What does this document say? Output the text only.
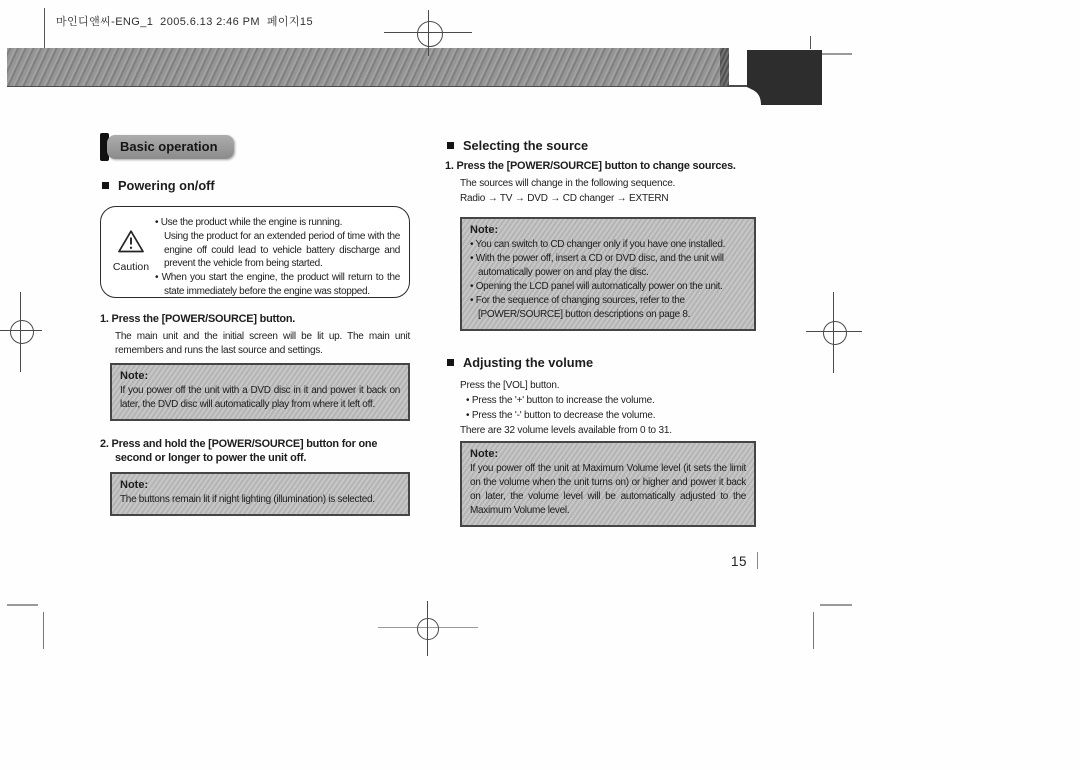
마인디앤씨-ENG_1  2005.6.13 2:46 PM  페이지15
Basic operation
Powering on/off
Caution
• Use the product while the engine is running.
Using the product for an extended period of time with the engine off could lead to vehicle battery discharge and prevent the vehicle from being started.
• When you start the engine, the product will return to the state immediately before the engine was stopped.
1. Press the [POWER/SOURCE] button.
The main unit and the initial screen will be lit up. The main unit remembers and runs the last source and settings.
Note:
If you power off the unit with a DVD disc in it and power it back on later, the DVD disc will automatically play from where it left off.
2. Press and hold the [POWER/SOURCE] button for one second or longer to power the unit off.
Note:
The buttons remain lit if night lighting (illumination) is selected.
Selecting the source
1. Press the [POWER/SOURCE] button to change sources.
The sources will change in the following sequence.
Radio → TV → DVD → CD changer → EXTERN
Note:
• You can switch to CD changer only if you have one installed.
• With the power off, insert a CD or DVD disc, and the unit will automatically power on and play the disc.
• Opening the LCD panel will automatically power on the unit.
• For the sequence of changing sources, refer to the [POWER/SOURCE] button descriptions on page 8.
Adjusting the volume
Press the [VOL] button.
• Press the '+' button to increase the volume.
• Press the '-' button to decrease the volume.
There are 32 volume levels available from 0 to 31.
Note:
If you power off the unit at Maximum Volume level (it sets the limit on the volume when the unit turns on) or higher and power it back on later, the volume level will be automatically adjusted to the Maximum Volume level.
15
